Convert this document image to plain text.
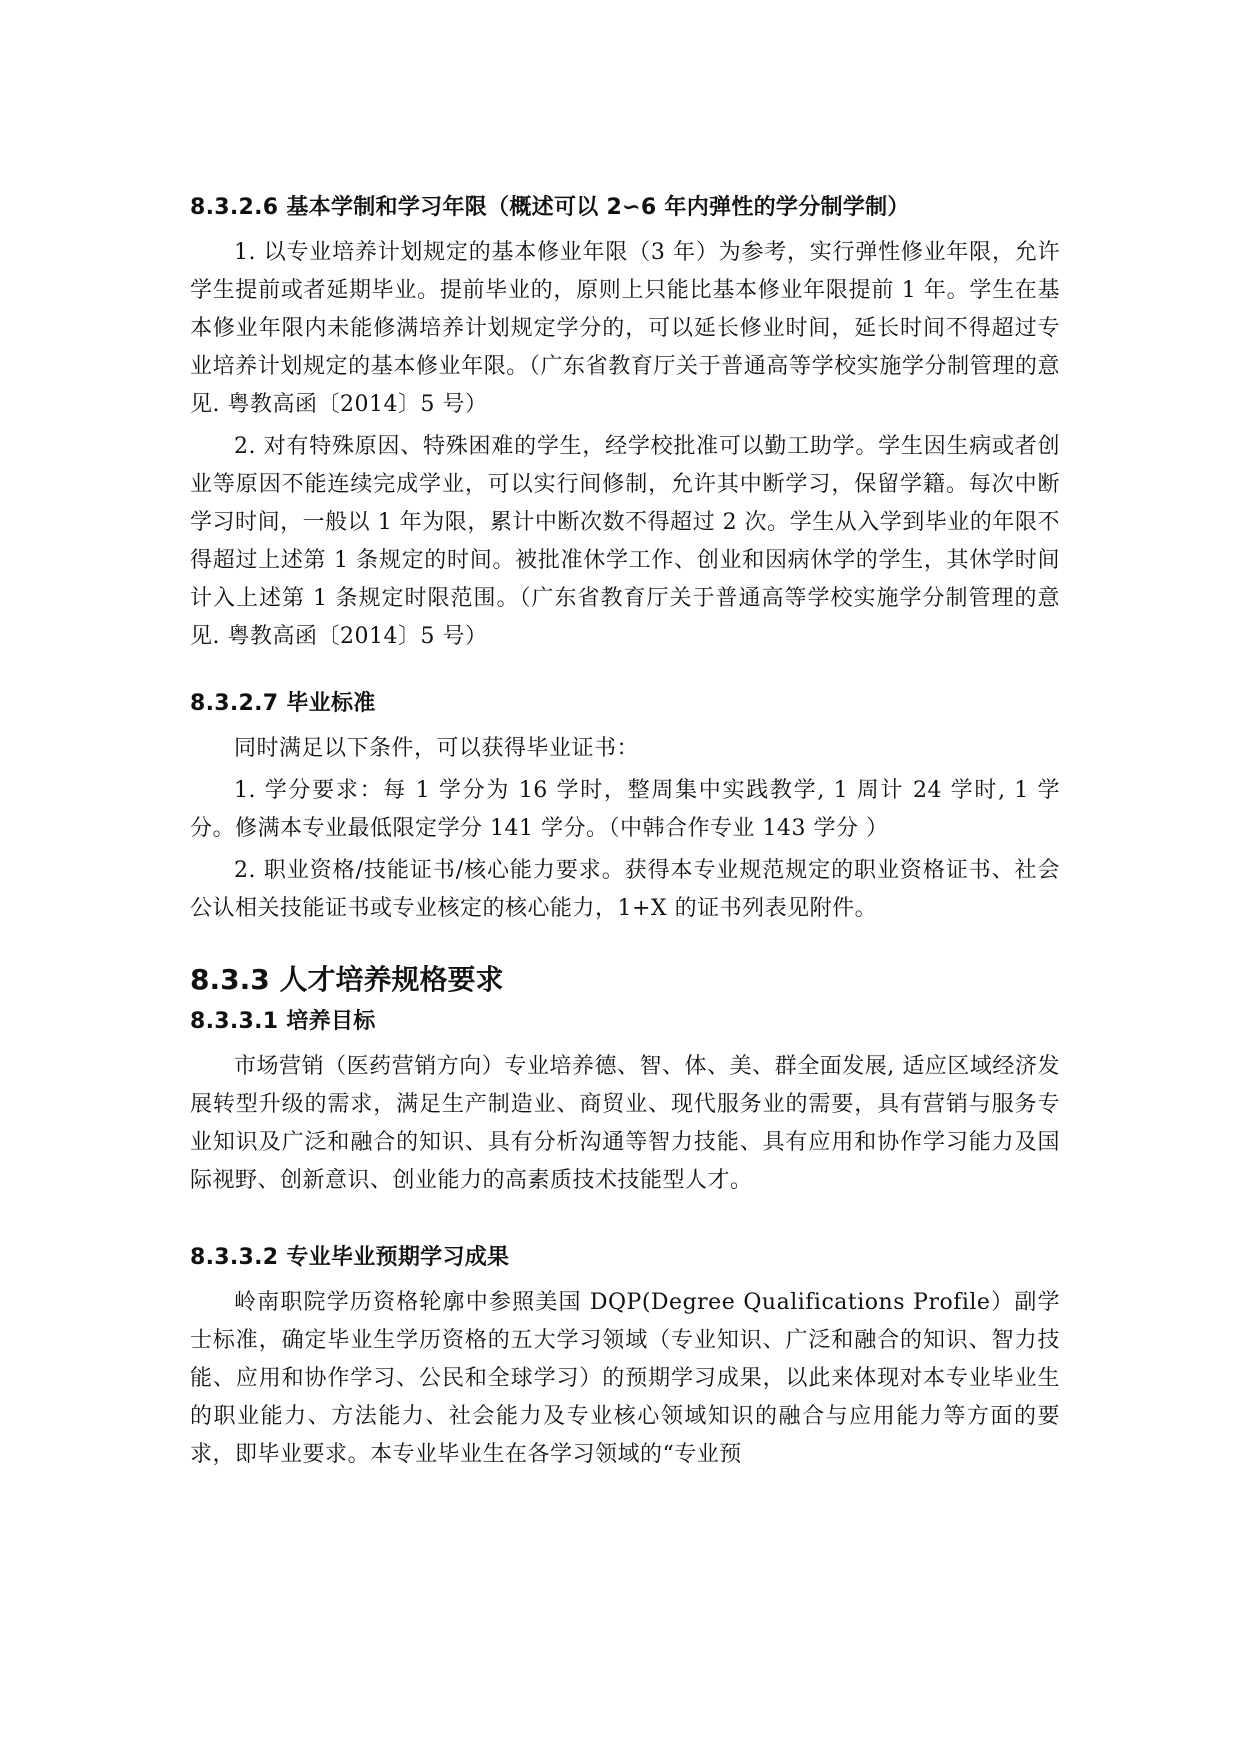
8.3.2.6 基本学制和学习年限（概述可以 2∽6 年内弹性的学分制学制）

1. 以专业培养计划规定的基本修业年限（3 年）为参考，实行弹性修业年限，允许学生提前或者延期毕业。提前毕业的，原则上只能比基本修业年限提前 1 年。学生在基本修业年限内未能修满培养计划规定学分的，可以延长修业时间，延长时间不得超过专业培养计划规定的基本修业年限。（广东省教育厅关于普通高等学校实施学分制管理的意见. 粤教高函〔2014〕5 号）

2. 对有特殊原因、特殊困难的学生，经学校批准可以勤工助学。学生因生病或者创业等原因不能连续完成学业，可以实行间修制，允许其中断学习，保留学籍。每次中断学习时间，一般以 1 年为限，累计中断次数不得超过 2 次。学生从入学到毕业的年限不得超过上述第 1 条规定的时间。被批准休学工作、创业和因病休学的学生，其休学时间计入上述第 1 条规定时限范围。（广东省教育厅关于普通高等学校实施学分制管理的意见. 粤教高函〔2014〕5 号）

8.3.2.7 毕业标准

同时满足以下条件，可以获得毕业证书：

1. 学分要求：每 1 学分为 16 学时，整周集中实践教学, 1 周计 24 学时, 1 学分。修满本专业最低限定学分 141 学分。（中韩合作专业 143 学分 ）

2. 职业资格/技能证书/核心能力要求。获得本专业规范规定的职业资格证书、社会公认相关技能证书或专业核定的核心能力，1+X 的证书列表见附件。

8.3.3 人才培养规格要求
8.3.3.1 培养目标

市场营销（医药营销方向）专业培养德、智、体、美、群全面发展, 适应区域经济发展转型升级的需求，满足生产制造业、商贸业、现代服务业的需要，具有营销与服务专业知识及广泛和融合的知识、具有分析沟通等智力技能、具有应用和协作学习能力及国际视野、创新意识、创业能力的高素质技术技能型人才。

8.3.3.2 专业毕业预期学习成果

岭南职院学历资格轮廓中参照美国 DQP(Degree Qualifications Profile）副学士标准，确定毕业生学历资格的五大学习领域（专业知识、广泛和融合的知识、智力技能、应用和协作学习、公民和全球学习）的预期学习成果，以此来体现对本专业毕业生的职业能力、方法能力、社会能力及专业核心领域知识的融合与应用能力等方面的要求，即毕业要求。本专业毕业生在各学习领域的“专业预
